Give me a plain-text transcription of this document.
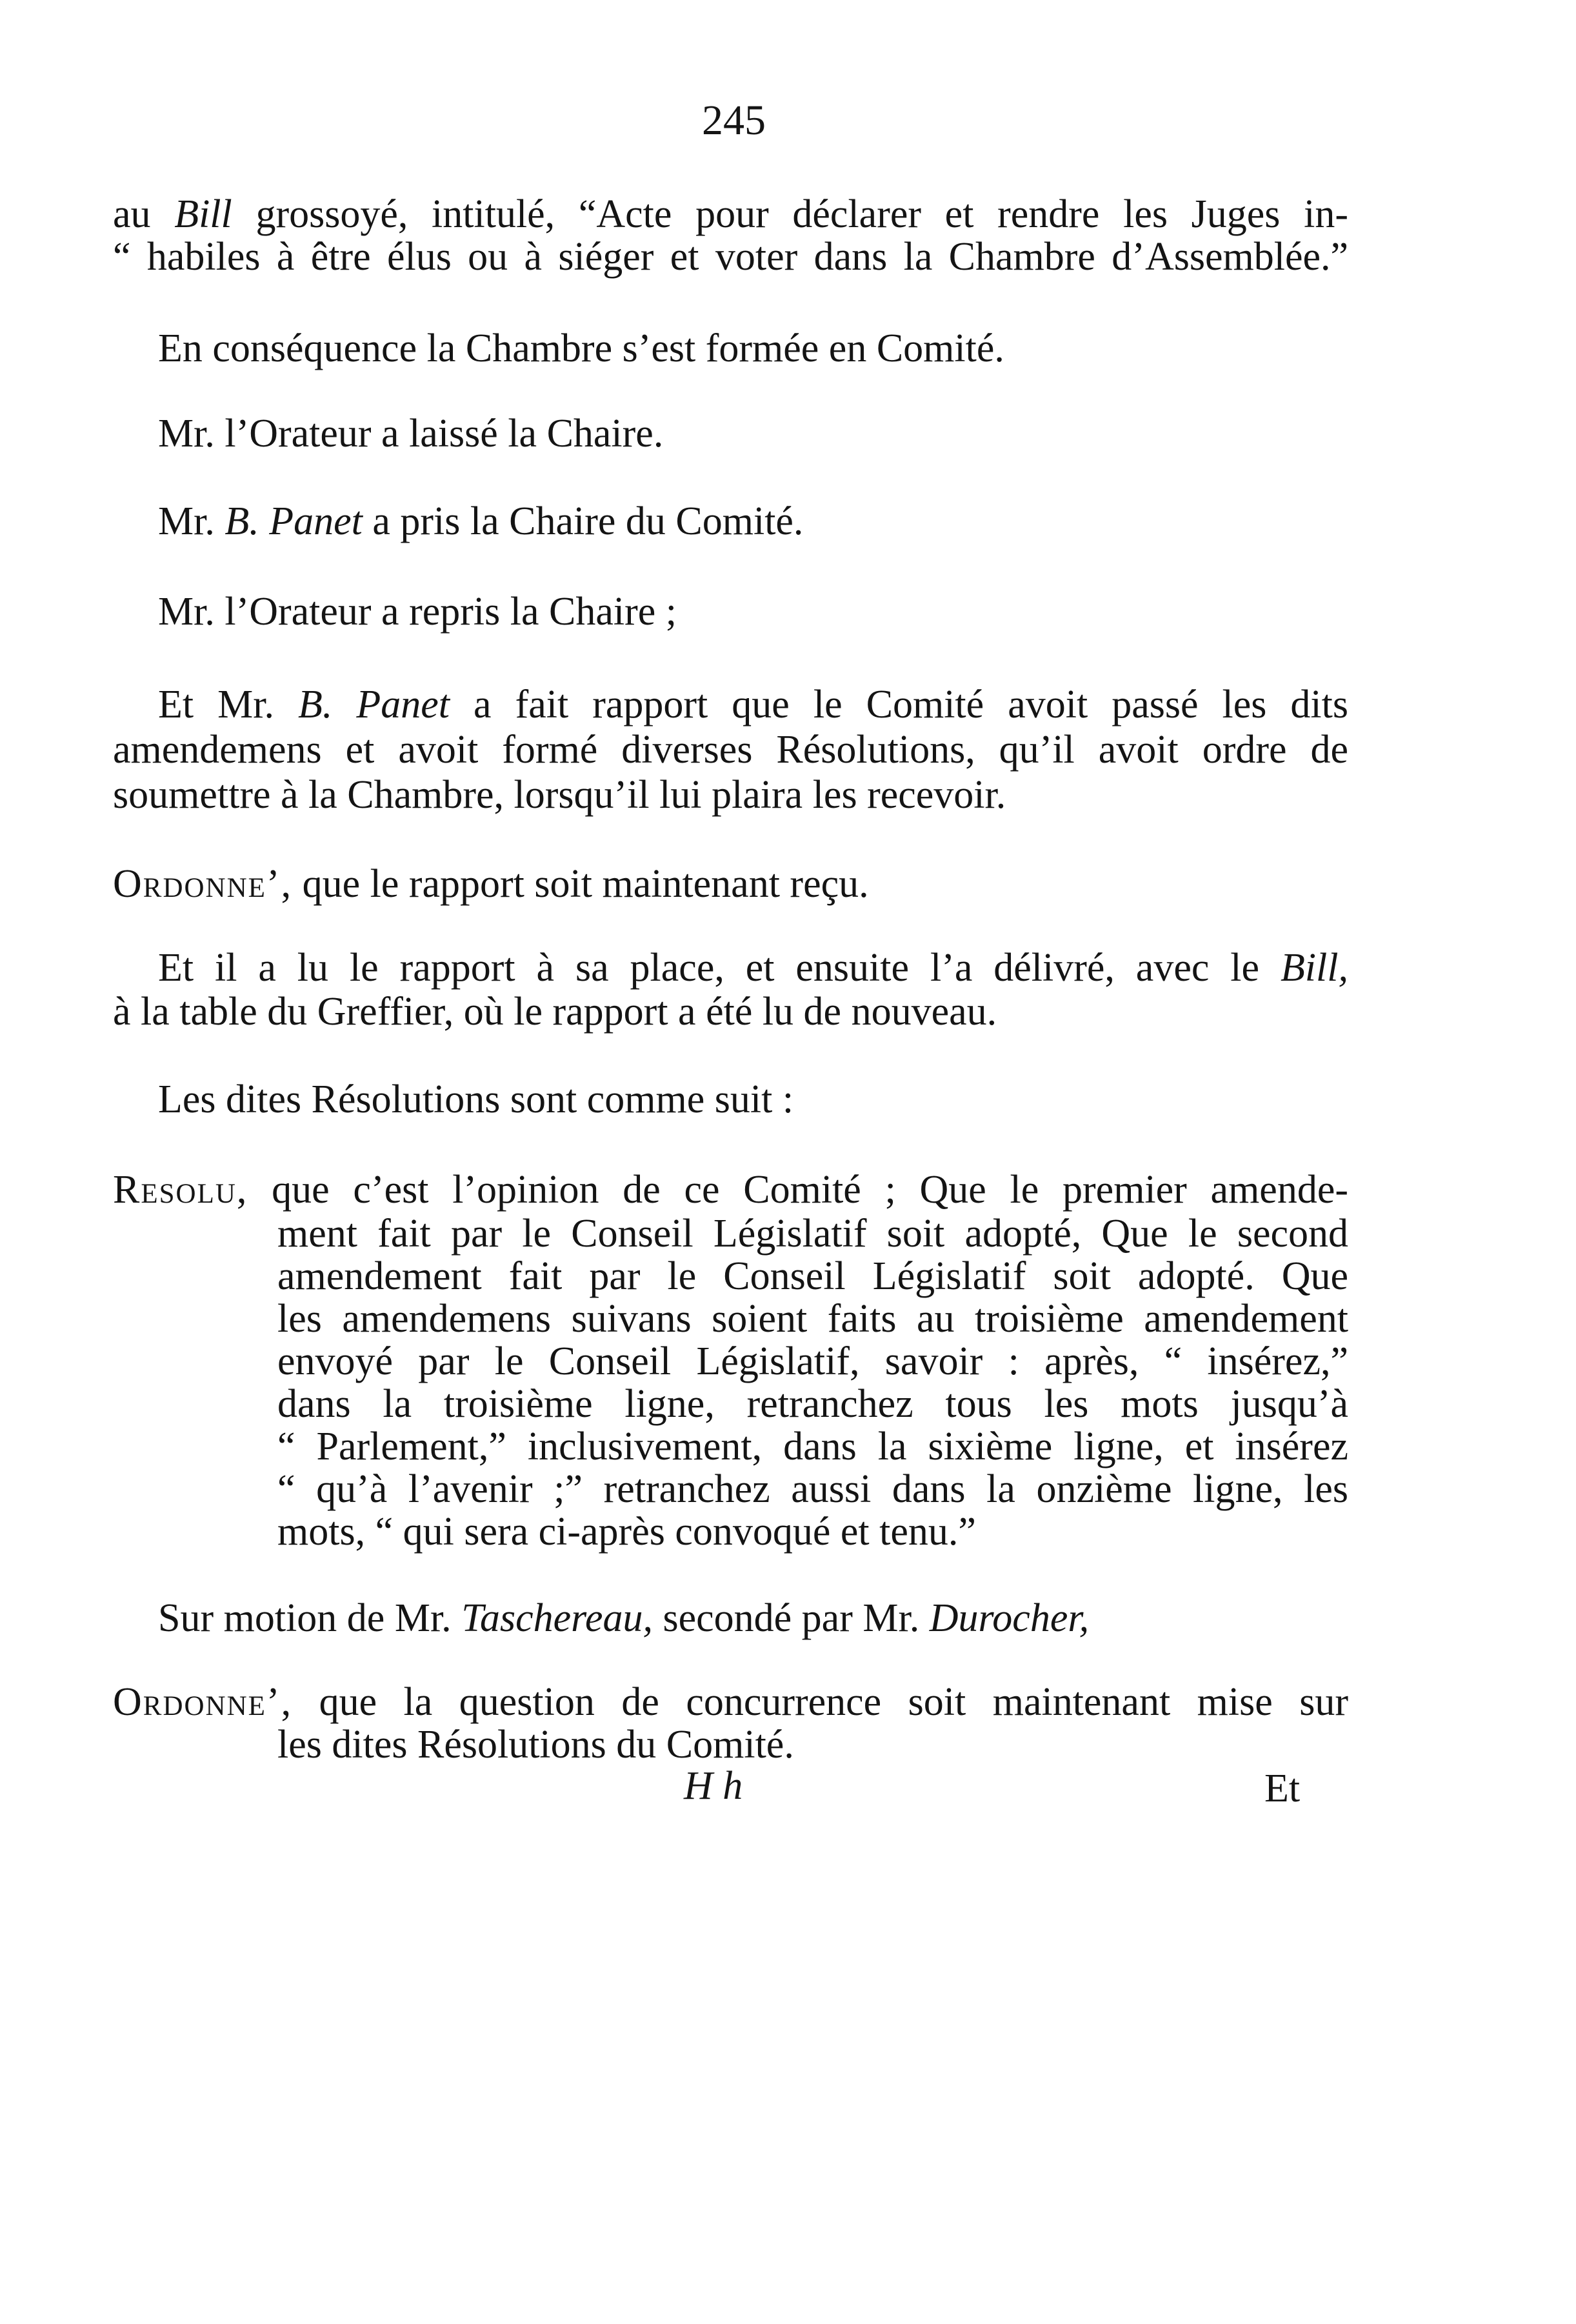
245
au Bill grossoyé, intitulé, “Acte pour déclarer et rendre les Juges in-
“ habiles à être élus ou à siéger et voter dans la Chambre d’Assemblée.”
En conséquence la Chambre s’est formée en Comité.
Mr. l’Orateur a laissé la Chaire.
Mr. B. Panet a pris la Chaire du Comité.
Mr. l’Orateur a repris la Chaire ;
Et Mr. B. Panet a fait rapport que le Comité avoit passé les dits
amendemens et avoit formé diverses Résolutions, qu’il avoit ordre de
soumettre à la Chambre, lorsqu’il lui plaira les recevoir.
Ordonne’, que le rapport soit maintenant reçu.
Et il a lu le rapport à sa place, et ensuite l’a délivré, avec le Bill,
à la table du Greffier, où le rapport a été lu de nouveau.
Les dites Résolutions sont comme suit :
Resolu, que c’est l’opinion de ce Comité ; Que le premier amende-
ment fait par le Conseil Législatif soit adopté, Que le second
amendement fait par le Conseil Législatif soit adopté. Que
les amendemens suivans soient faits au troisième amendement
envoyé par le Conseil Législatif, savoir : après, “ insérez,”
dans la troisième ligne, retranchez tous les mots jusqu’à
“ Parlement,” inclusivement, dans la sixième ligne, et insérez
“ qu’à l’avenir ;” retranchez aussi dans la onzième ligne, les
mots, “ qui sera ci-après convoqué et tenu.”
Sur motion de Mr. Taschereau, secondé par Mr. Durocher,
Ordonne’, que la question de concurrence soit maintenant mise sur
les dites Résolutions du Comité.
H h	Et
